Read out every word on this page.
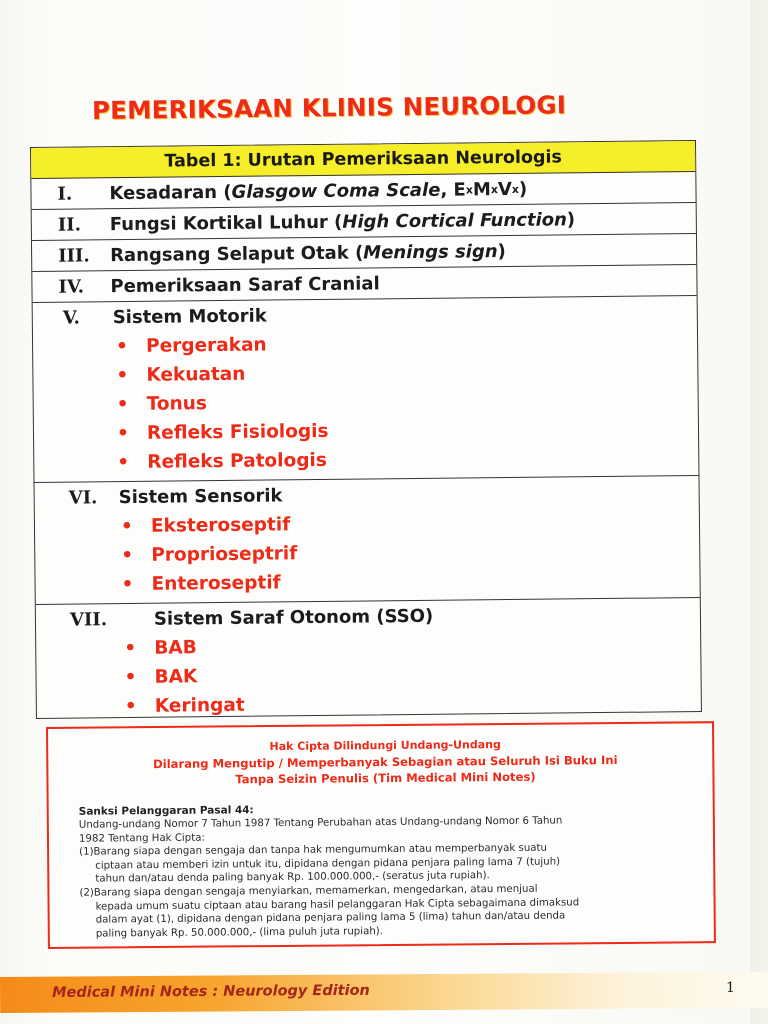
PEMERIKSAAN KLINIS NEUROLOGI
Tabel 1: Urutan Pemeriksaan Neurologis
I.	Kesadaran ( Glasgow Coma Scale , E x M x V x )
II.	Fungsi Kortikal Luhur ( High Cortical Function )
III.	Rangsang Selaput Otak ( Menings sign )
IV.	Pemeriksaan Saraf Cranial
V.	Sistem Motorik
• Pergerakan
• Kekuatan
• Tonus
• Refleks Fisiologis
• Refleks Patologis
VI.	Sistem Sensorik
• Eksteroseptif
• Proprioseptrif
• Enteroseptif
VII.	Sistem Saraf Otonom (SSO)
• BAB
• BAK
• Keringat
Hak Cipta Dilindungi Undang-Undang
Dilarang Mengutip / Memperbanyak Sebagian atau Seluruh Isi Buku Ini
Tanpa Seizin Penulis (Tim Medical Mini Notes)
Sanksi Pelanggaran Pasal 44:
Undang-undang Nomor 7 Tahun 1987 Tentang Perubahan atas Undang-undang Nomor 6 Tahun
1982 Tentang Hak Cipta:
(1)Barang siapa dengan sengaja dan tanpa hak mengumumkan atau memperbanyak suatu
ciptaan atau memberi izin untuk itu, dipidana dengan pidana penjara paling lama 7 (tujuh)
tahun dan/atau denda paling banyak Rp. 100.000.000,- (seratus juta rupiah).
(2)Barang siapa dengan sengaja menyiarkan, memamerkan, mengedarkan, atau menjual
kepada umum suatu ciptaan atau barang hasil pelanggaran Hak Cipta sebagaimana dimaksud
dalam ayat (1), dipidana dengan pidana penjara paling lama 5 (lima) tahun dan/atau denda
paling banyak Rp. 50.000.000,- (lima puluh juta rupiah).
Medical Mini Notes : Neurology Edition	1
